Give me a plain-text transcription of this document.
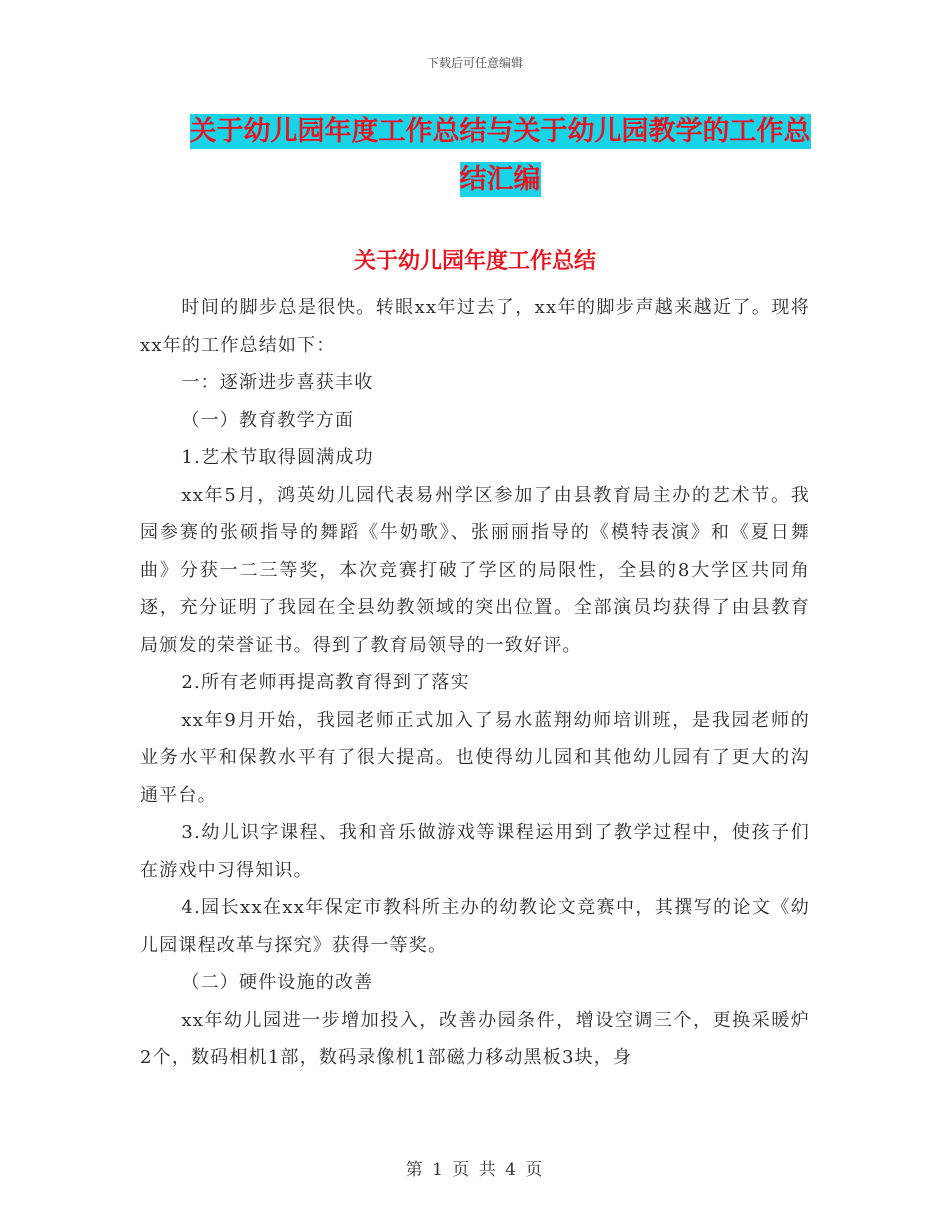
下载后可任意编辑
关于幼儿园年度工作总结与关于幼儿园教学的工作总
结汇编
关于幼儿园年度工作总结

时间的脚步总是很快。转眼xx年过去了，xx年的脚步声越来越近了。现将xx年的工作总结如下：

一：逐渐进步喜获丰收

（一）教育教学方面

1.艺术节取得圆满成功

xx年5月，鸿英幼儿园代表易州学区参加了由县教育局主办的艺术节。我园参赛的张硕指导的舞蹈《牛奶歌》、张丽丽指导的《模特表演》和《夏日舞曲》分获一二三等奖，本次竞赛打破了学区的局限性，全县的8大学区共同角逐，充分证明了我园在全县幼教领域的突出位置。全部演员均获得了由县教育局颁发的荣誉证书。得到了教育局领导的一致好评。

2.所有老师再提高教育得到了落实

xx年9月开始，我园老师正式加入了易水蓝翔幼师培训班，是我园老师的业务水平和保教水平有了很大提高。也使得幼儿园和其他幼儿园有了更大的沟通平台。

3.幼儿识字课程、我和音乐做游戏等课程运用到了教学过程中，使孩子们在游戏中习得知识。

4.园长xx在xx年保定市教科所主办的幼教论文竞赛中，其撰写的论文《幼儿园课程改革与探究》获得一等奖。

（二）硬件设施的改善

xx年幼儿园进一步增加投入，改善办园条件，增设空调三个，更换采暖炉2个，数码相机1部，数码录像机1部磁力移动黑板3块，身

第 1 页 共 4 页
